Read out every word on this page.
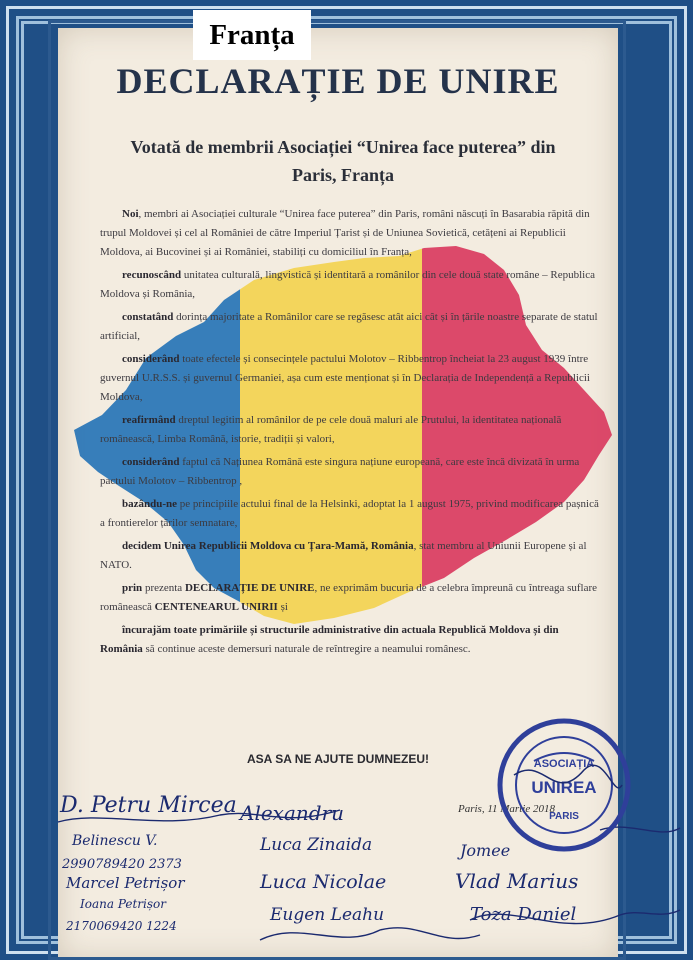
Franța
DECLARAȚIE DE UNIRE
Votată de membrii Asociației “Unirea face puterea” din
Paris, Franța

Noi, membri ai Asociației culturale “Unirea face puterea” din Paris, români născuți în Basarabia răpită din trupul Moldovei și cel al României de către Imperiul Țarist și de Uniunea Sovietică, cetățeni ai Republicii Moldova, ai Bucovinei și ai României, stabiliți cu domiciliul în Franța,

recunoscând unitatea culturală, lingvistică și identitară a românilor din cele două state române – Republica Moldova și România,

constatând dorința majoritate a Românilor care se regăsesc atât aici cât și în țările noastre separate de statul artificial,

considerând toate efectele și consecințele pactului Molotov – Ribbentrop încheiat la 23 august 1939 între guvernul U.R.S.S. și guvernul Germaniei, așa cum este menționat și în Declarația de Independență a Republicii Moldova,

reafirmând dreptul legitim al românilor de pe cele două maluri ale Prutului, la identitatea națională românească, Limba Română, istorie, tradiții și valori,

considerând faptul că Națiunea Română este singura națiune europeană, care este încă divizată în urma pactului Molotov – Ribbentrop ,

bazându-ne pe principiile actului final de la Helsinki, adoptat la 1 august 1975, privind modificarea pașnică a frontierelor țărilor semnatare,

decidem Unirea Republicii Moldova cu Țara-Mamă, România, stat membru al Uniunii Europene și al NATO.

prin prezenta DECLARAȚIE DE UNIRE, ne exprimăm bucuria de a celebra împreună cu întreaga suflare românească CENTENEARUL UNIRII și

încurajăm toate primăriile și structurile administrative din actuala Republică Moldova și din România să continue aceste demersuri naturale de reîntregire a neamului românesc.

ASA SA NE AJUTE DUMNEZEU!
Paris, 11 Martie 2018
ASOCIAȚIA
UNIREA
PARIS
D. Petru Mircea Alexandru
Belinescu V.
2990789420 2373
Marcel Petrișor
Ioana Petrișor
2170069420 1224
Luca Zinaida
Luca Nicolae
Eugen Leahu
Jomee
Vlad Marius
Toza Daniel
